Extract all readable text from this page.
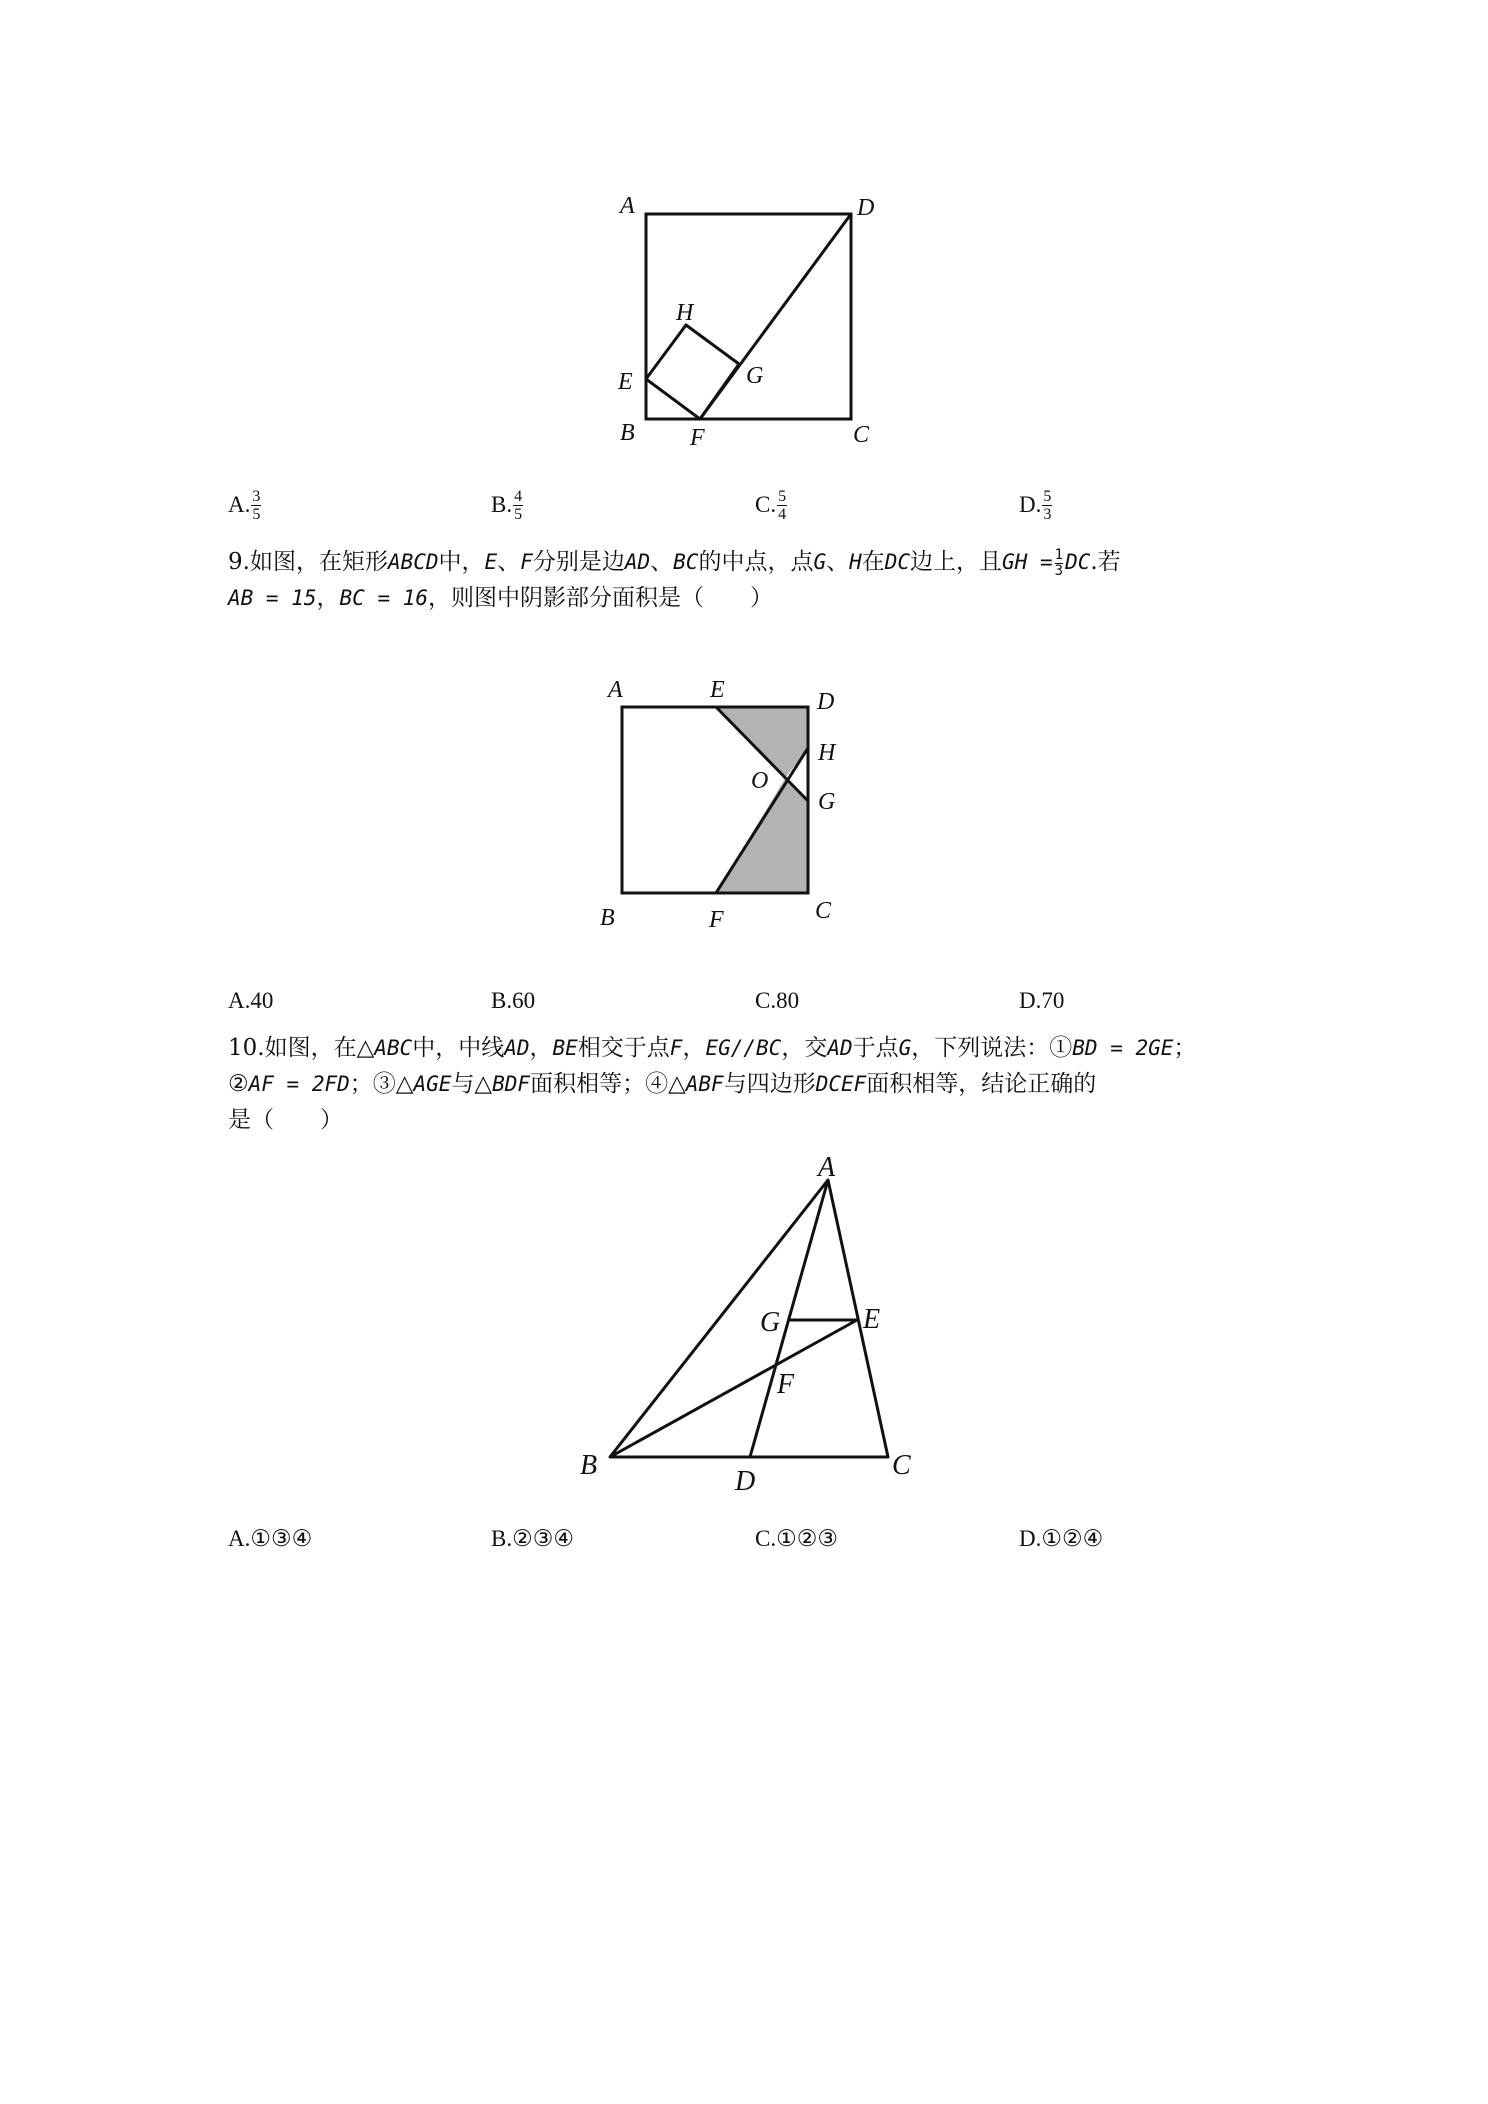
A	D
H
G
E
B F	C
A. $\frac{3}{5}$	B. $\frac{4}{5}$	C. $\frac{5}{4}$	D. $\frac{5}{3}$
9.如图，在矩形ABCD中，E、F分别是边AD、BC的中点，点G、H在DC边上，且GH = $\frac{1}{3}$ DC.若
AB = 15，BC = 16，则图中阴影部分面积是（　　）
A	E	D
H
O
G
B	F	C
A.40	B.60	C.80	D.70
10.如图，在△ABC中，中线AD，BE相交于点F，EG//BC，交AD于点G，下列说法：①BD = 2GE；
②AF = 2FD；③△AGE与△BDF面积相等；④△ABF与四边形DCEF面积相等，结论正确的
是（　　）
A
G	E
F
B
D
C
A.①③④	B.②③④	C.①②③	D.①②④
